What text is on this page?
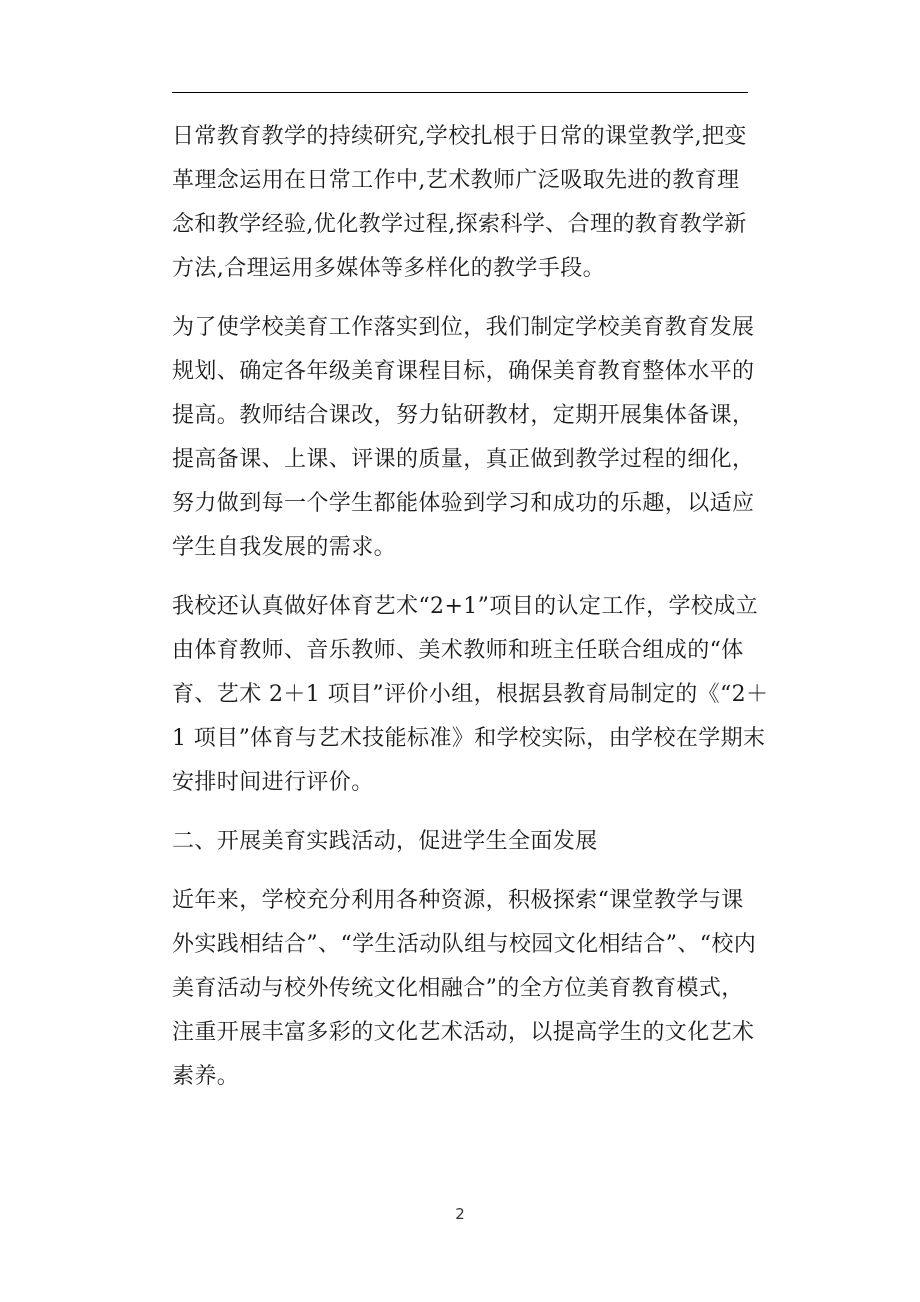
日常教育教学的持续研究,学校扎根于日常的课堂教学,把变
革理念运用在日常工作中,艺术教师广泛吸取先进的教育理
念和教学经验,优化教学过程,探索科学、合理的教育教学新
方法,合理运用多媒体等多样化的教学手段。
为了使学校美育工作落实到位，我们制定学校美育教育发展
规划、确定各年级美育课程目标，确保美育教育整体水平的
提高。教师结合课改，努力钻研教材，定期开展集体备课，
提高备课、上课、评课的质量，真正做到教学过程的细化，
努力做到每一个学生都能体验到学习和成功的乐趣，以适应
学生自我发展的需求。
我校还认真做好体育艺术“2+1”项目的认定工作，学校成立
由体育教师、音乐教师、美术教师和班主任联合组成的“体
育、艺术 2＋1 项目”评价小组，根据县教育局制定的《“2＋
1 项目”体育与艺术技能标准》和学校实际，由学校在学期末
安排时间进行评价。
二、开展美育实践活动，促进学生全面发展
近年来，学校充分利用各种资源，积极探索“课堂教学与课
外实践相结合”、“学生活动队组与校园文化相结合”、“校内
美育活动与校外传统文化相融合”的全方位美育教育模式，
注重开展丰富多彩的文化艺术活动，以提高学生的文化艺术
素养。
2
